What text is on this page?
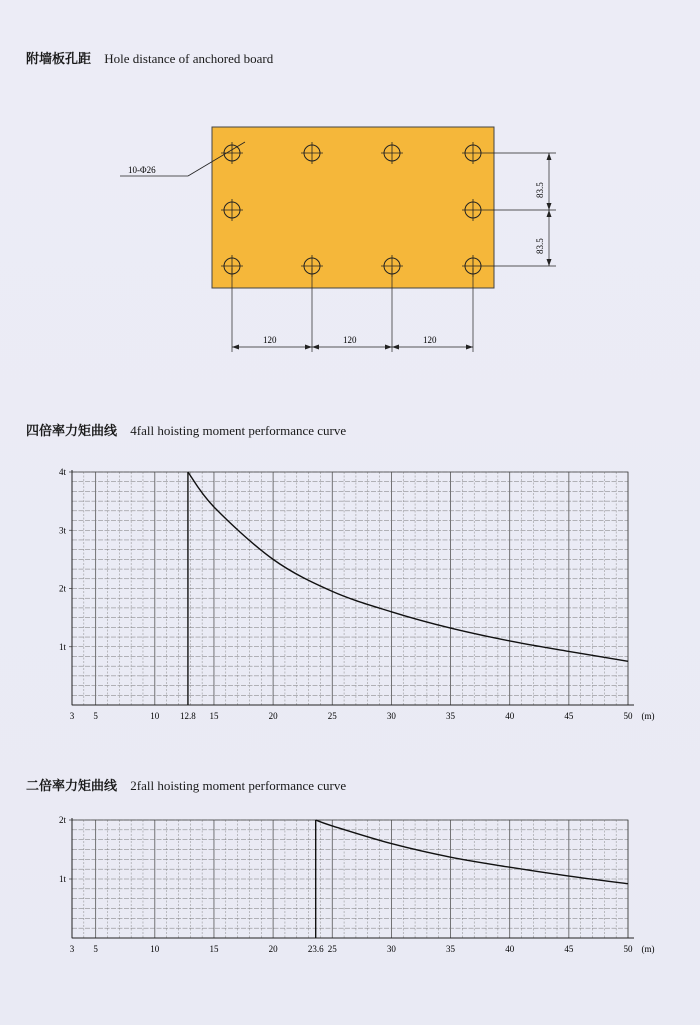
附墙板孔距 Hole distance of anchored board
10-Φ26
83.5
83.5
120	120	120
四倍率力矩曲线 4fall hoisting moment performance curve
1t
2t
3t
4t
3 5	10 12.8 15	20	25	30	35	40	45	50 (m)
二倍率力矩曲线 2fall hoisting moment performance curve
1t
2t
3 5	10	15	20	23.6 25	30	35	40	45	50 (m)
